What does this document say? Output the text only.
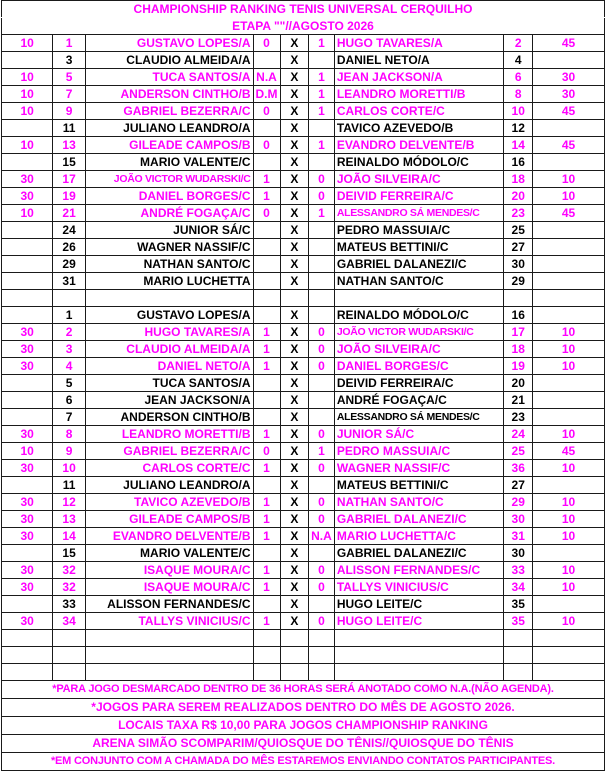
CHAMPIONSHIP RANKING TENIS UNIVERSAL CERQUILHO								
ETAPA ""//AGOSTO 2026								
10	1	GUSTAVO LOPES/A	0	X	1	HUGO TAVARES/A	2	45
	3	CLAUDIO ALMEIDA/A		X		DANIEL NETO/A	4	
10	5	TUCA SANTOS/A	N.A	X	1	JEAN JACKSON/A	6	30
10	7	ANDERSON CINTHO/B	D.M	X	1	LEANDRO MORETTI/B	8	30
10	9	GABRIEL BEZERRA/C	0	X	1	CARLOS CORTE/C	10	45
	11	JULIANO LEANDRO/A		X		TAVICO AZEVEDO/B	12	
10	13	GILEADE CAMPOS/B	0	X	1	EVANDRO DELVENTE/B	14	45
	15	MARIO VALENTE/C		X		REINALDO MÓDOLO/C	16	
30	17	JOÃO VICTOR WUDARSKI/C	1	X	0	JOÃO SILVEIRA/C	18	10
30	19	DANIEL BORGES/C	1	X	0	DEIVID FERREIRA/C	20	10
10	21	ANDRÉ FOGAÇA/C	0	X	1	ALESSANDRO SÁ MENDES/C	23	45
	24	JUNIOR SÁ/C		X		PEDRO MASSUIA/C	25	
	26	WAGNER NASSIF/C		X		MATEUS BETTINI/C	27	
	29	NATHAN SANTO/C		X		GABRIEL DALANEZI/C	30	
	31	MARIO LUCHETTA		X		NATHAN SANTO/C	29	

	1	GUSTAVO LOPES/A		X		REINALDO MÓDOLO/C	16	
30	2	HUGO TAVARES/A	1	X	0	JOÃO VICTOR WUDARSKI/C	17	10
30	3	CLAUDIO ALMEIDA/A	1	X	0	JOÃO SILVEIRA/C	18	10
30	4	DANIEL NETO/A	1	X	0	DANIEL BORGES/C	19	10
	5	TUCA SANTOS/A		X		DEIVID FERREIRA/C	20	
	6	JEAN JACKSON/A		X		ANDRÉ FOGAÇA/C	21	
	7	ANDERSON CINTHO/B		X		ALESSANDRO SÁ MENDES/C	23	
30	8	LEANDRO MORETTI/B	1	X	0	JUNIOR SÁ/C	24	10
10	9	GABRIEL BEZERRA/C	0	X	1	PEDRO MASSUIA/C	25	45
30	10	CARLOS CORTE/C	1	X	0	WAGNER NASSIF/C	36	10
	11	JULIANO LEANDRO/A		X		MATEUS BETTINI/C	27	
30	12	TAVICO AZEVEDO/B	1	X	0	NATHAN SANTO/C	29	10
30	13	GILEADE CAMPOS/B	1	X	0	GABRIEL DALANEZI/C	30	10
30	14	EVANDRO DELVENTE/B	1	X	N.A	MARIO LUCHETTA/C	31	10
	15	MARIO VALENTE/C		X		GABRIEL DALANEZI/C	30	
30	32	ISAQUE MOURA/C	1	X	0	ALISSON FERNANDES/C	33	10
30	32	ISAQUE MOURA/C	1	X	0	TALLYS VINICIUS/C	34	10
	33	ALISSON FERNANDES/C		X		HUGO LEITE/C	35	
30	34	TALLYS VINICIUS/C	1	X	0	HUGO LEITE/C	35	10

*PARA JOGO DESMARCADO DENTRO DE 36 HORAS SERÁ ANOTADO COMO N.A.(NÃO AGENDA).								
*JOGOS PARA SEREM REALIZADOS DENTRO DO MÊS DE AGOSTO 2026.								
LOCAIS TAXA R$ 10,00 PARA JOGOS CHAMPIONSHIP RANKING								
ARENA SIMÃO SCOMPARIM/QUIOSQUE DO TÊNIS//QUIOSQUE DO TÊNIS								
*EM CONJUNTO COM A CHAMADA DO MÊS ESTAREMOS ENVIANDO CONTATOS PARTICIPANTES.								
